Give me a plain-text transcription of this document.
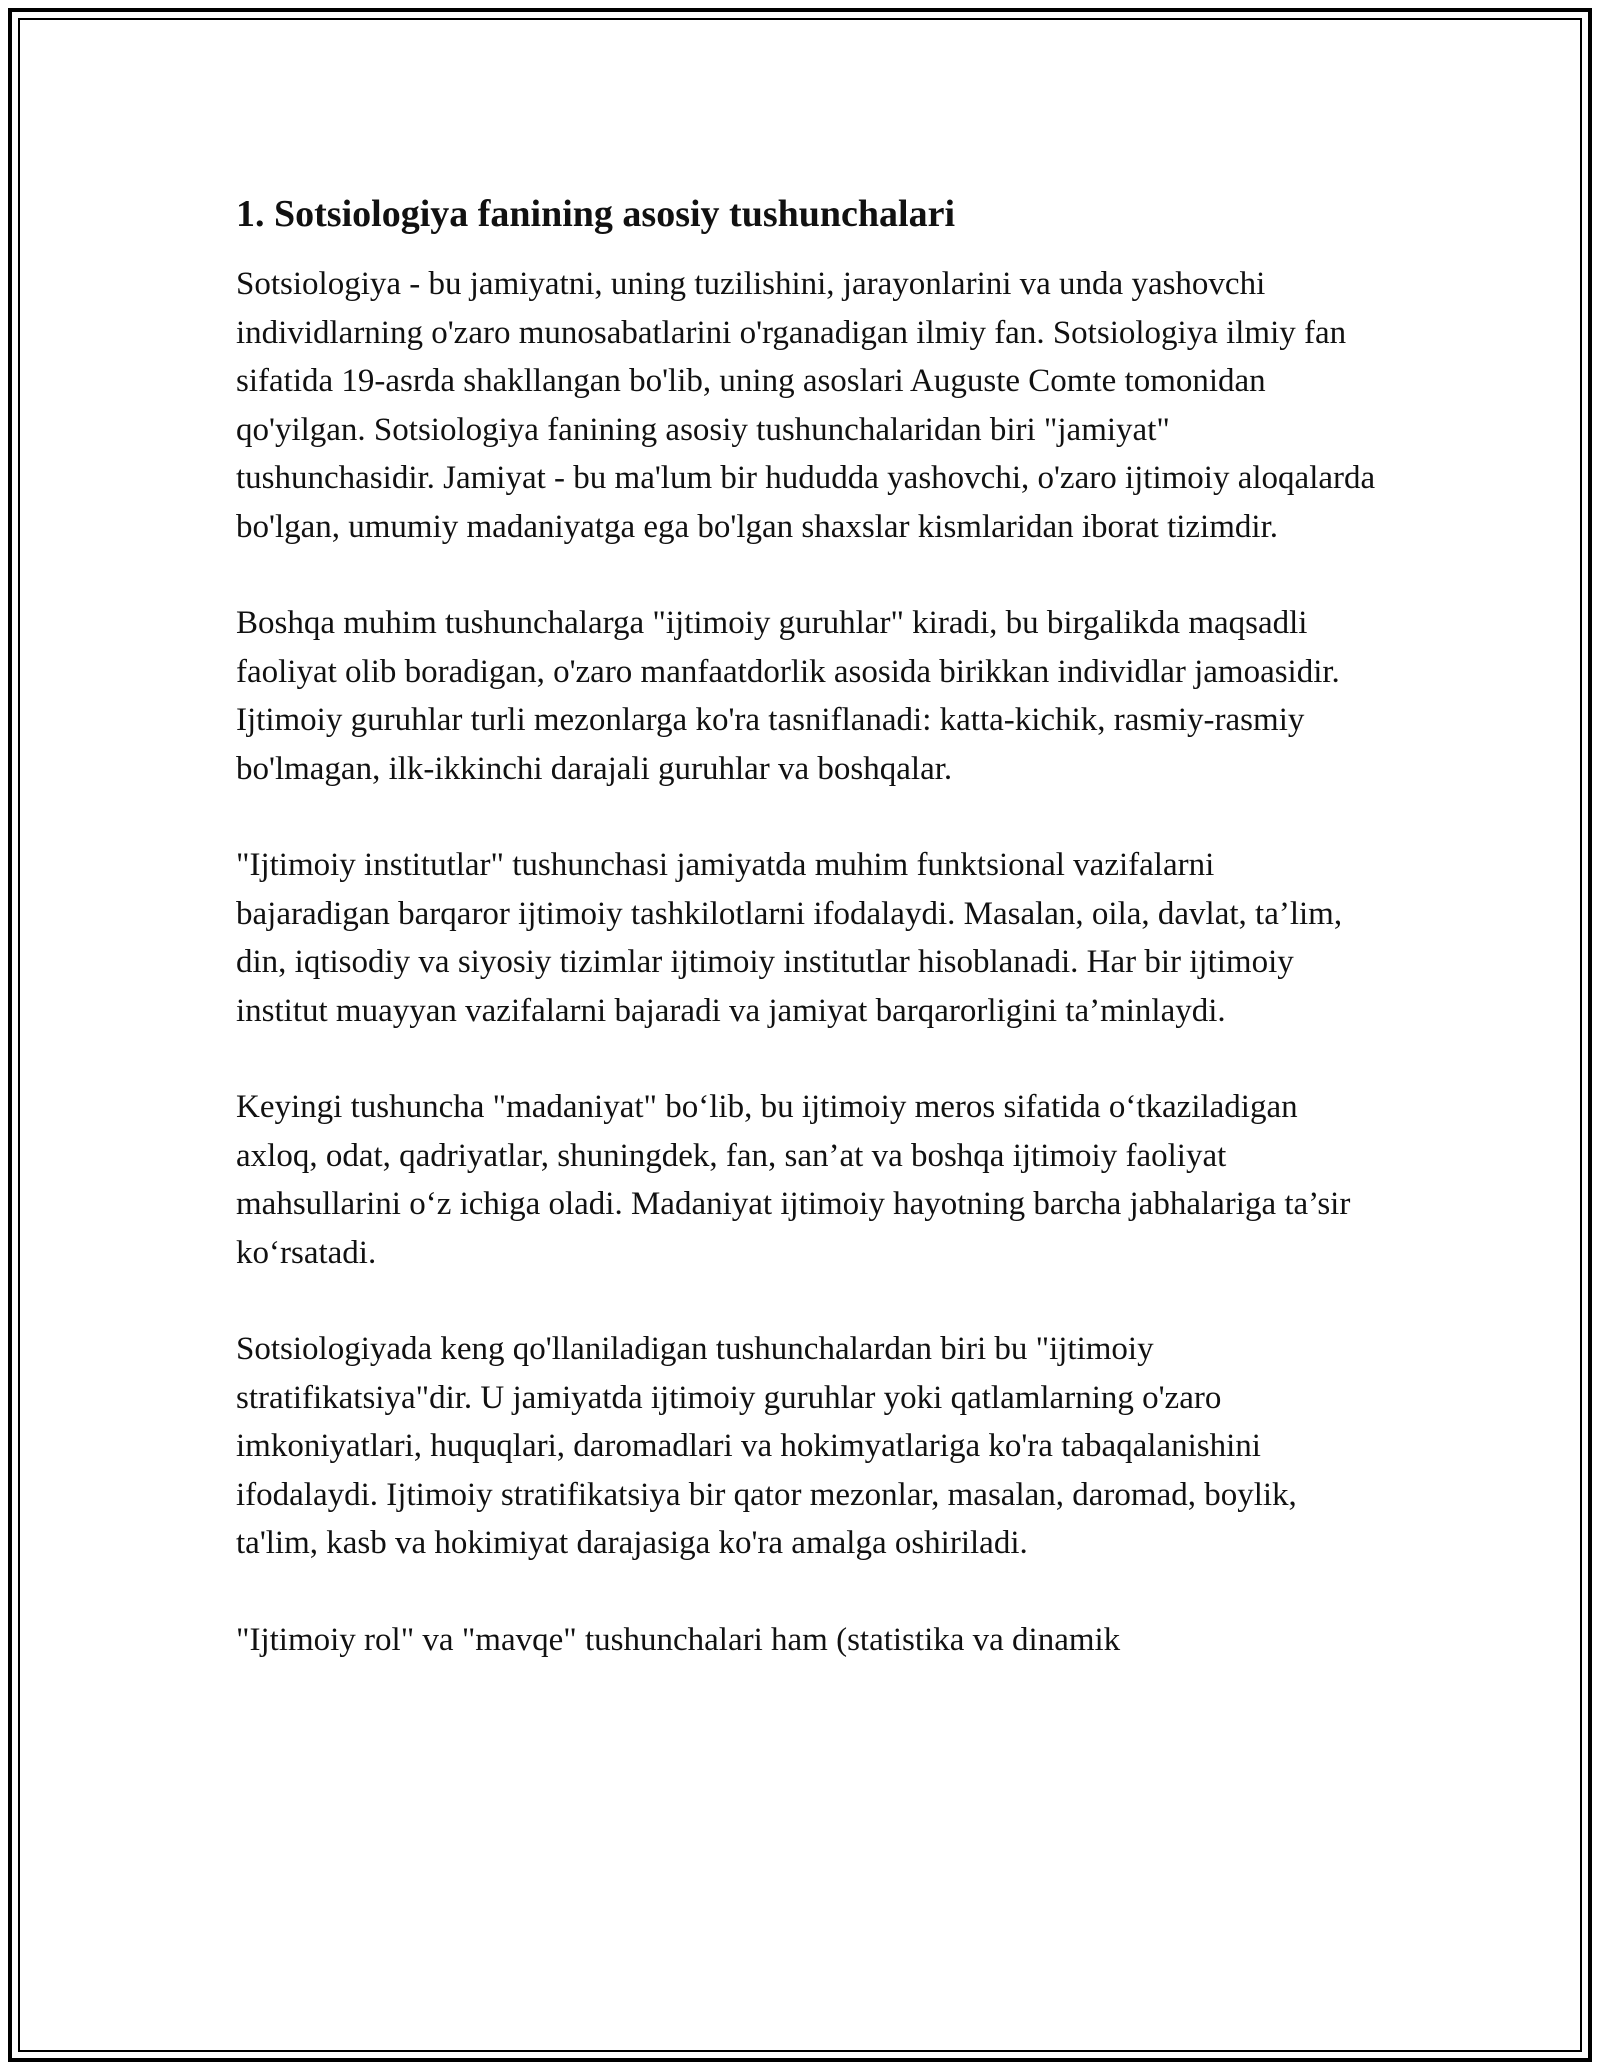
1. Sotsiologiya fanining asosiy tushunchalari

Sotsiologiya - bu jamiyatni, uning tuzilishini, jarayonlarini va unda yashovchi individlarning o'zaro munosabatlarini o'rganadigan ilmiy fan. Sotsiologiya ilmiy fan sifatida 19-asrda shakllangan bo'lib, uning asoslari Auguste Comte tomonidan qo'yilgan. Sotsiologiya fanining asosiy tushunchalaridan biri "jamiyat" tushunchasidir. Jamiyat - bu ma'lum bir hududda yashovchi, o'zaro ijtimoiy aloqalarda bo'lgan, umumiy madaniyatga ega bo'lgan shaxslar kismlaridan iborat tizimdir.

Boshqa muhim tushunchalarga "ijtimoiy guruhlar" kiradi, bu birgalikda maqsadli faoliyat olib boradigan, o'zaro manfaatdorlik asosida birikkan individlar jamoasidir. Ijtimoiy guruhlar turli mezonlarga ko'ra tasniflanadi: katta-kichik, rasmiy-rasmiy bo'lmagan, ilk-ikkinchi darajali guruhlar va boshqalar.

"Ijtimoiy institutlar" tushunchasi jamiyatda muhim funktsional vazifalarni bajaradigan barqaror ijtimoiy tashkilotlarni ifodalaydi. Masalan, oila, davlat, ta’lim, din, iqtisodiy va siyosiy tizimlar ijtimoiy institutlar hisoblanadi. Har bir ijtimoiy institut muayyan vazifalarni bajaradi va jamiyat barqarorligini ta’minlaydi.

Keyingi tushuncha "madaniyat" bo‘lib, bu ijtimoiy meros sifatida o‘tkaziladigan axloq, odat, qadriyatlar, shuningdek, fan, san’at va boshqa ijtimoiy faoliyat mahsullarini o‘z ichiga oladi. Madaniyat ijtimoiy hayotning barcha jabhalariga ta’sir ko‘rsatadi.

Sotsiologiyada keng qo'llaniladigan tushunchalardan biri bu "ijtimoiy stratifikatsiya"dir. U jamiyatda ijtimoiy guruhlar yoki qatlamlarning o'zaro imkoniyatlari, huquqlari, daromadlari va hokimyatlariga ko'ra tabaqalanishini ifodalaydi. Ijtimoiy stratifikatsiya bir qator mezonlar, masalan, daromad, boylik, ta'lim, kasb va hokimiyat darajasiga ko'ra amalga oshiriladi.

"Ijtimoiy rol" va "mavqe" tushunchalari ham (statistika va dinamik
